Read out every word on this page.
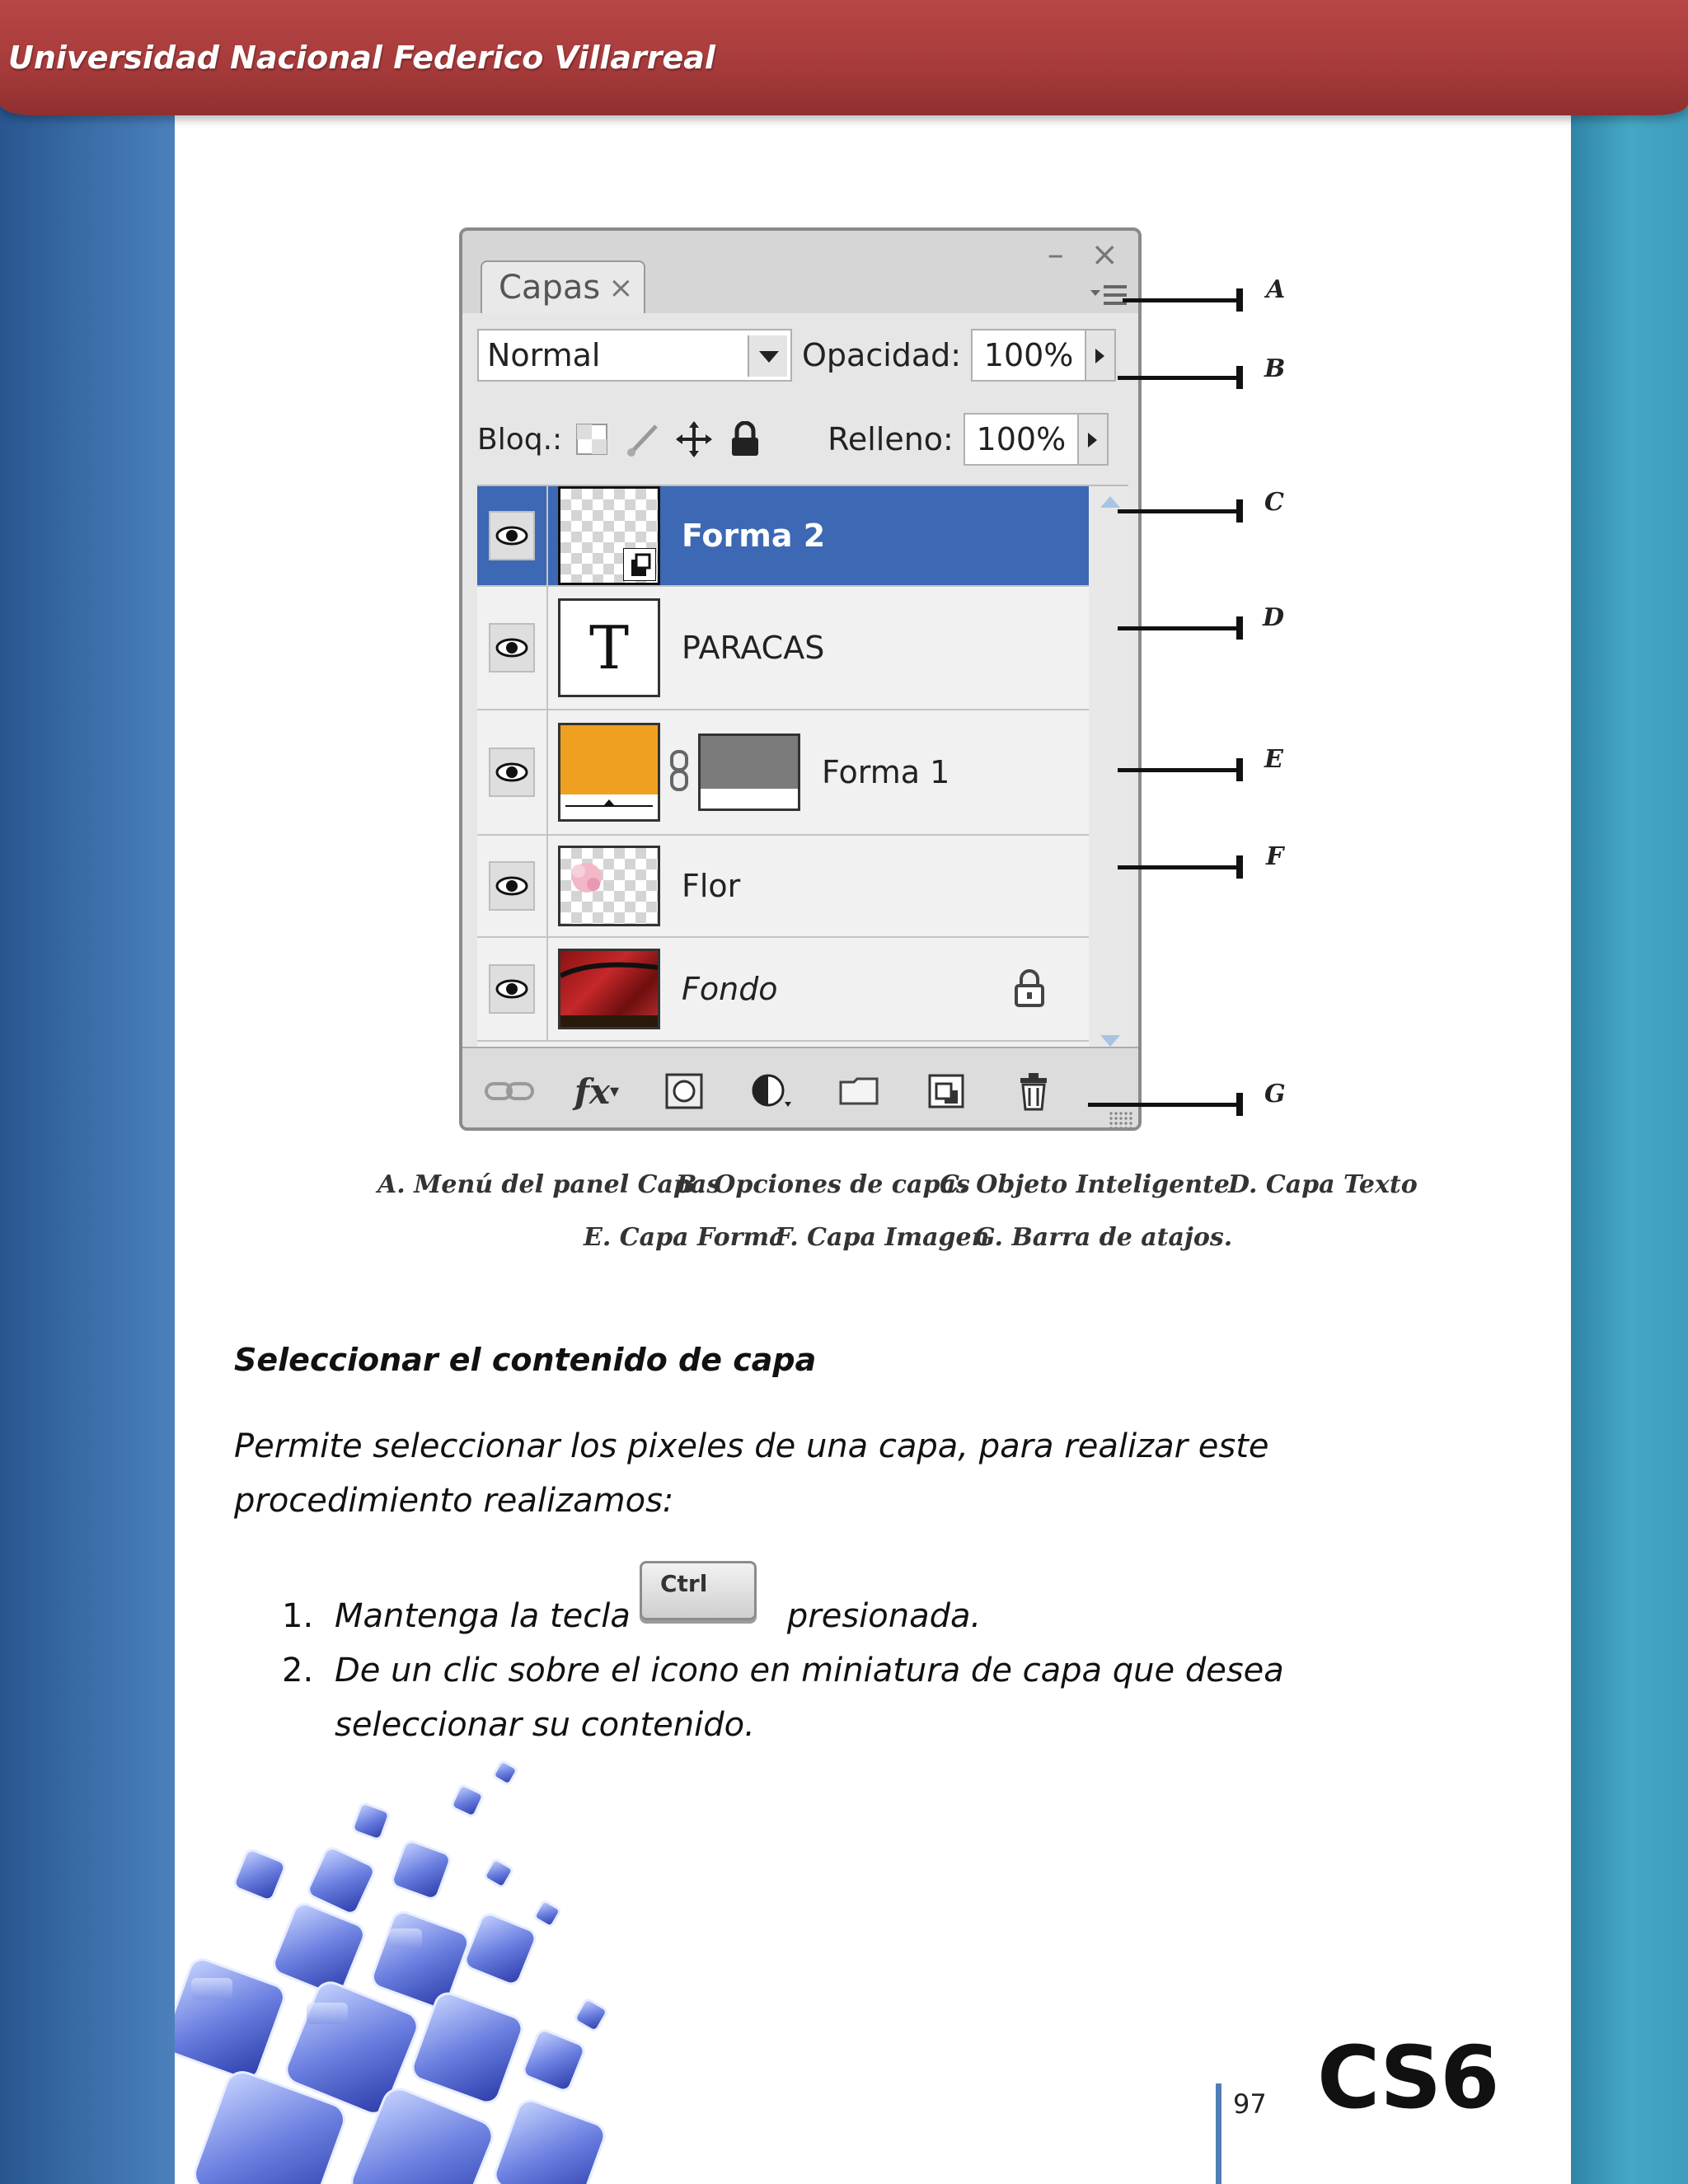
Universidad Nacional Federico Villarreal
– ×
Capas ×
Normal	Opacidad: 100%
Bloq.:	Relleno: 100%
Forma 2
T PARACAS
Forma 1
Flor
Fondo
fx ▾
A
B
C
D
E
F
G
A. Menú del panel Capas
B. Opciones de capas
C. Objeto Inteligente
D. Capa Texto
E. Capa Forma
F. Capa Imagen
G. Barra de atajos.
Seleccionar el contenido de capa
Permite seleccionar los pixeles de una capa, para realizar este procedimiento realizamos:
1. Mantenga la tecla	presionada.
Ctrl
2. De un clic sobre el icono en miniatura de capa que desea seleccionar su contenido.
97 CS6
